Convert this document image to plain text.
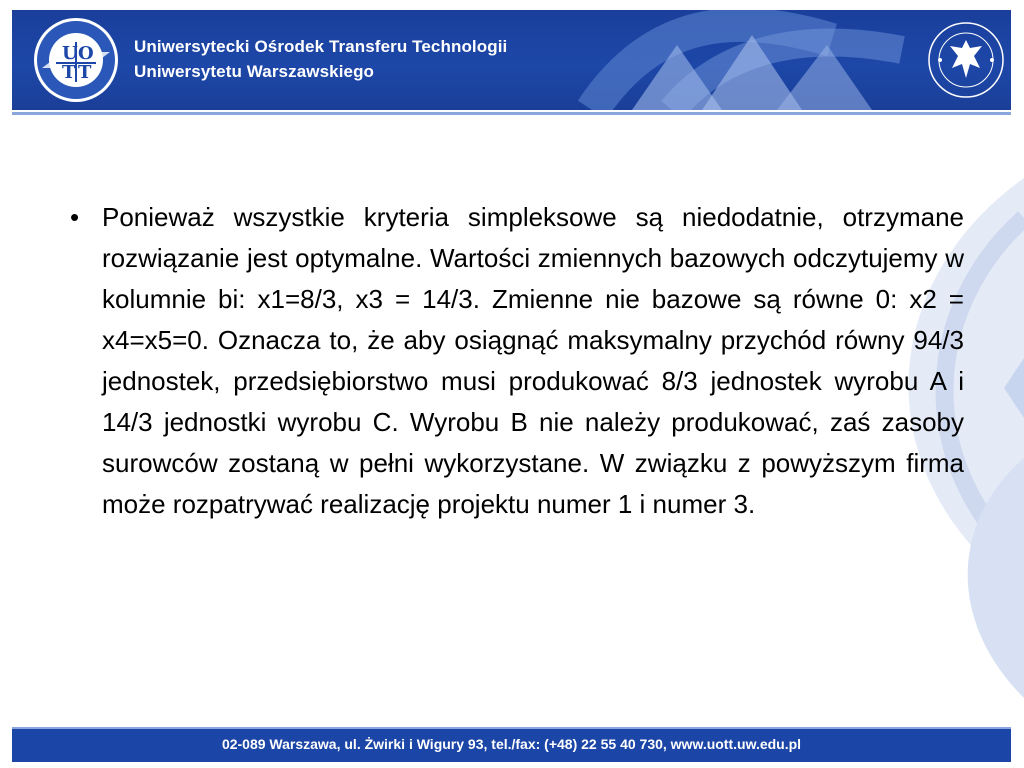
U O
T T
Uniwersytecki Ośrodek Transferu Technologii
Uniwersytetu Warszawskiego
• Ponieważ wszystkie kryteria simpleksowe są niedodatnie, otrzymane rozwiązanie jest optymalne. Wartości zmiennych bazowych odczytujemy w kolumnie bi: x1=8/3, x3 = 14/3. Zmienne nie bazowe są równe 0: x2 = x4=x5=0. Oznacza to, że aby osiągnąć maksymalny przychód równy 94/3 jednostek, przedsiębiorstwo musi produkować 8/3 jednostek wyrobu A i 14/3 jednostki wyrobu C. Wyrobu B nie należy produkować, zaś zasoby surowców zostaną w pełni wykorzystane. W związku z powyższym firma może rozpatrywać realizację projektu numer 1 i numer 3.
02-089 Warszawa, ul. Żwirki i Wigury 93, tel./fax: (+48) 22 55 40 730, www.uott.uw.edu.pl
